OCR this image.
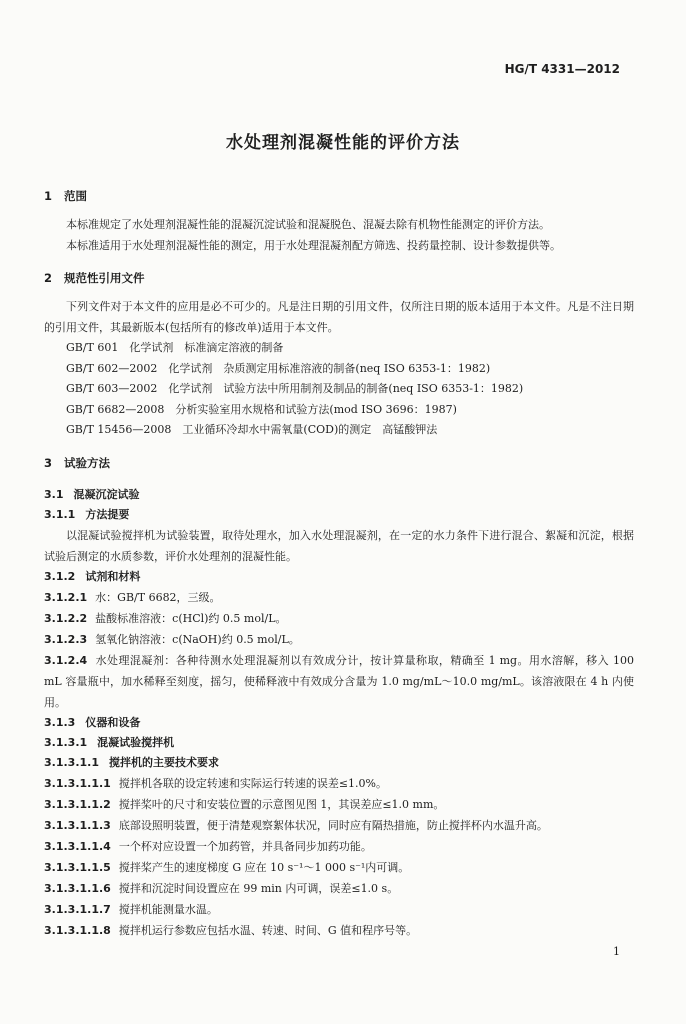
HG/T 4331—2012
水处理剂混凝性能的评价方法
1 范围

本标准规定了水处理剂混凝性能的混凝沉淀试验和混凝脱色、混凝去除有机物性能测定的评价方法。

本标准适用于水处理剂混凝性能的测定，用于水处理混凝剂配方筛选、投药量控制、设计参数提供等。

2 规范性引用文件

下列文件对于本文件的应用是必不可少的。凡是注日期的引用文件，仅所注日期的版本适用于本文件。凡是不注日期的引用文件，其最新版本(包括所有的修改单)适用于本文件。

GB/T 601　化学试剂　标准滴定溶液的制备

GB/T 602—2002　化学试剂　杂质测定用标准溶液的制备(neq ISO 6353-1：1982)

GB/T 603—2002　化学试剂　试验方法中所用制剂及制品的制备(neq ISO 6353-1：1982)

GB/T 6682—2008　分析实验室用水规格和试验方法(mod ISO 3696：1987)

GB/T 15456—2008　工业循环冷却水中需氧量(COD)的测定　高锰酸钾法

3 试验方法
3.1 混凝沉淀试验
3.1.1 方法提要

以混凝试验搅拌机为试验装置，取待处理水，加入水处理混凝剂，在一定的水力条件下进行混合、絮凝和沉淀，根据试验后测定的水质参数，评价水处理剂的混凝性能。

3.1.2 试剂和材料

3.1.2.1 水：GB/T 6682，三级。

3.1.2.2 盐酸标准溶液：c(HCl)约 0.5 mol/L。

3.1.2.3 氢氧化钠溶液：c(NaOH)约 0.5 mol/L。

3.1.2.4 水处理混凝剂：各种待测水处理混凝剂以有效成分计，按计算量称取，精确至 1 mg。用水溶解，移入 100 mL 容量瓶中，加水稀释至刻度，摇匀，使稀释液中有效成分含量为 1.0 mg/mL～10.0 mg/mL。该溶液限在 4 h 内使用。

3.1.3 仪器和设备
3.1.3.1 混凝试验搅拌机
3.1.3.1.1 搅拌机的主要技术要求

3.1.3.1.1.1 搅拌机各联的设定转速和实际运行转速的误差≤1.0%。

3.1.3.1.1.2 搅拌桨叶的尺寸和安装位置的示意图见图 1，其误差应≤1.0 mm。

3.1.3.1.1.3 底部设照明装置，便于清楚观察絮体状况，同时应有隔热措施，防止搅拌杯内水温升高。

3.1.3.1.1.4 一个杯对应设置一个加药管，并具备同步加药功能。

3.1.3.1.1.5 搅拌桨产生的速度梯度 G 应在 10 s⁻¹～1 000 s⁻¹内可调。

3.1.3.1.1.6 搅拌和沉淀时间设置应在 99 min 内可调，误差≤1.0 s。

3.1.3.1.1.7 搅拌机能测量水温。

3.1.3.1.1.8 搅拌机运行参数应包括水温、转速、时间、G 值和程序号等。

1
